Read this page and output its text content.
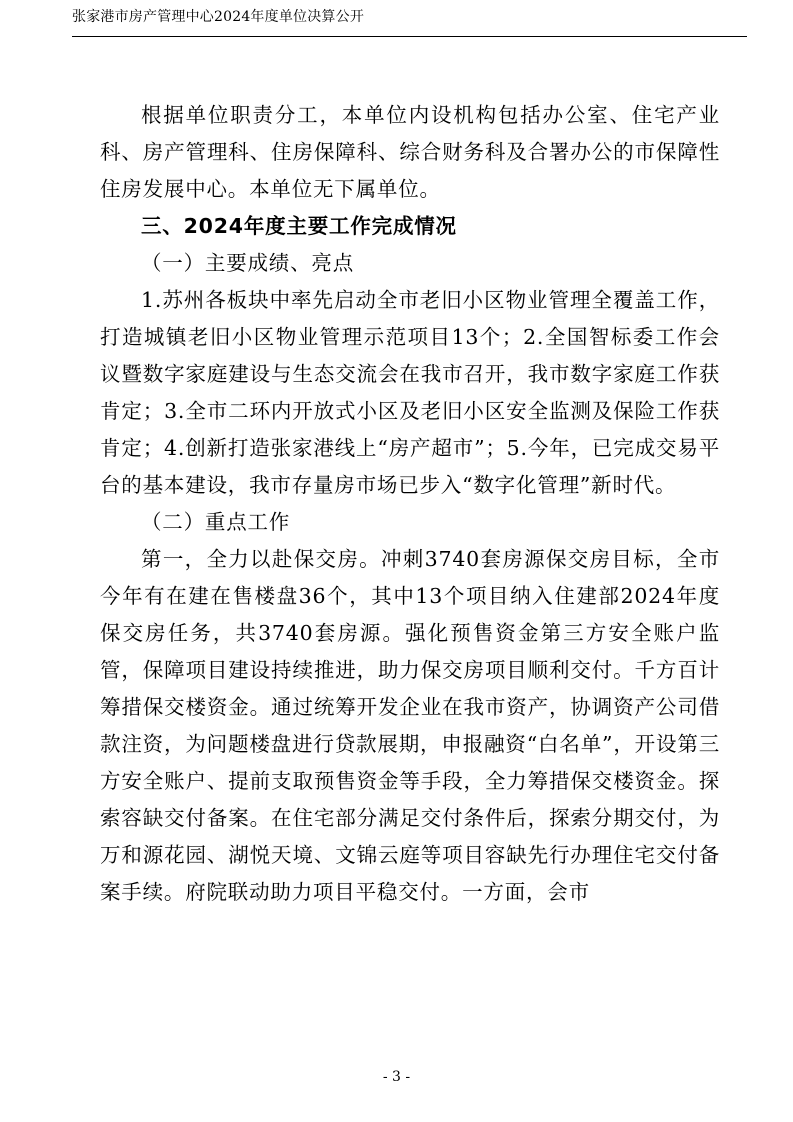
张家港市房产管理中心2024年度单位决算公开

根据单位职责分工，本单位内设机构包括办公室、住宅产业科、房产管理科、住房保障科、综合财务科及合署办公的市保障性住房发展中心。本单位无下属单位。

三、2024年度主要工作完成情况

（一）主要成绩、亮点

1.苏州各板块中率先启动全市老旧小区物业管理全覆盖工作，打造城镇老旧小区物业管理示范项目13个；2.全国智标委工作会议暨数字家庭建设与生态交流会在我市召开，我市数字家庭工作获肯定；3.全市二环内开放式小区及老旧小区安全监测及保险工作获肯定；4.创新打造张家港线上“房产超市”；5.今年，已完成交易平台的基本建设，我市存量房市场已步入“数字化管理”新时代。

（二）重点工作

第一，全力以赴保交房。冲刺3740套房源保交房目标，全市今年有在建在售楼盘36个，其中13个项目纳入住建部2024年度保交房任务，共3740套房源。强化预售资金第三方安全账户监管，保障项目建设持续推进，助力保交房项目顺利交付。千方百计筹措保交楼资金。通过统筹开发企业在我市资产，协调资产公司借款注资，为问题楼盘进行贷款展期，申报融资“白名单”，开设第三方安全账户、提前支取预售资金等手段，全力筹措保交楼资金。探索容缺交付备案。在住宅部分满足交付条件后，探索分期交付，为万和源花园、湖悦天境、文锦云庭等项目容缺先行办理住宅交付备案手续。府院联动助力项目平稳交付。一方面，会市

- 3 -
